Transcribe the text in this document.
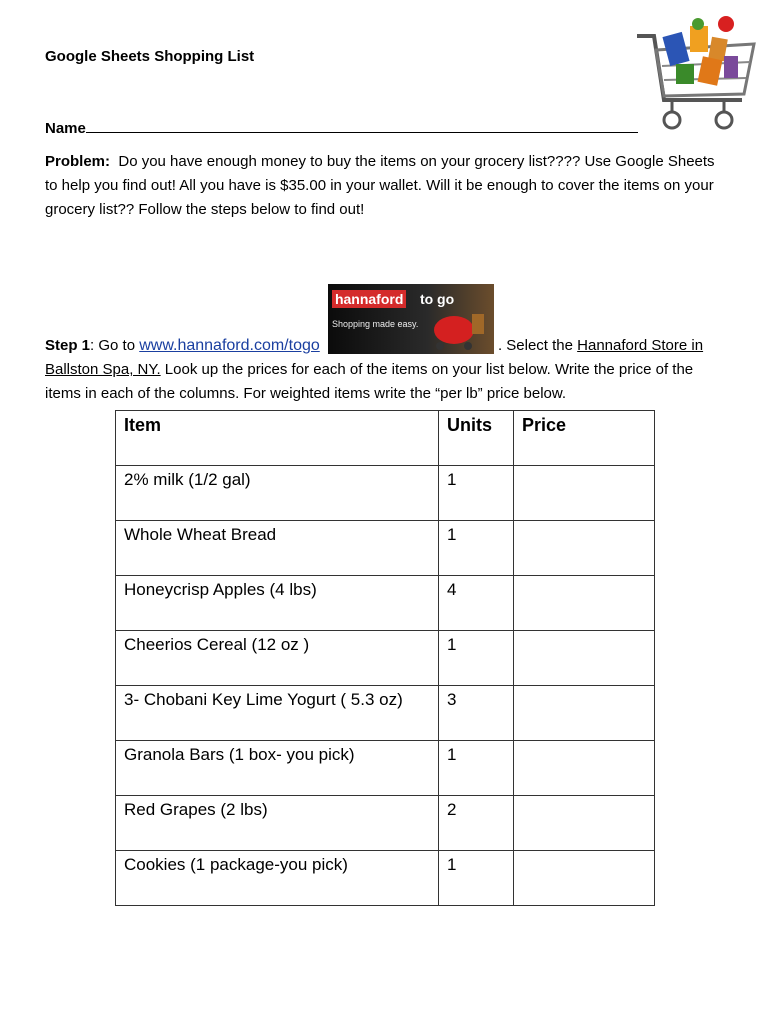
Google Sheets Shopping List
Name
Problem: Do you have enough money to buy the items on your grocery list???? Use Google Sheets to help you find out! All you have is $35.00 in your wallet. Will it be enough to cover the items on your grocery list?? Follow the steps below to find out!
Step 1: Go to www.hannaford.com/togo
hannaford to go
Shopping made easy.
. Select the Hannaford Store in Ballston Spa, NY. Look up the prices for each of the items on your list below. Write the price of the items in each of the columns. For weighted items write the “per lb” price below.
Item	Units	Price
2% milk (1/2 gal)	1	
Whole Wheat Bread	1	
Honeycrisp Apples (4 lbs)	4	
Cheerios Cereal (12 oz )	1	
3- Chobani Key Lime Yogurt ( 5.3 oz)	3	
Granola Bars (1 box- you pick)	1	
Red Grapes (2 lbs)	2	
Cookies (1 package-you pick)	1	
